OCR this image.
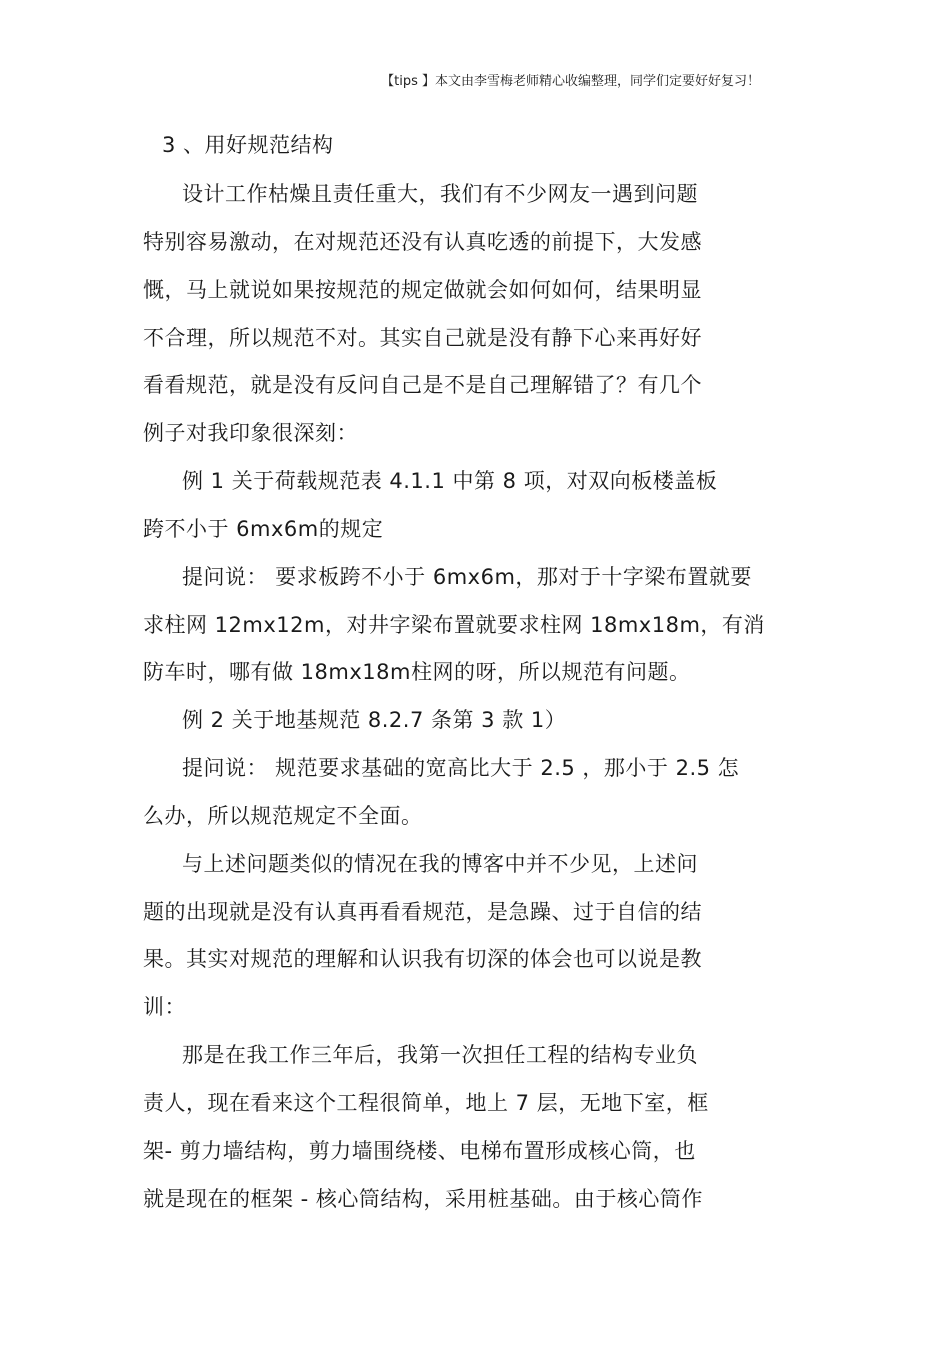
【tips 】本文由李雪梅老师精心收编整理，同学们定要好好复习！
3 、用好规范结构
设计工作枯燥且责任重大，我们有不少网友一遇到问题
特别容易激动，在对规范还没有认真吃透的前提下，大发感
慨，马上就说如果按规范的规定做就会如何如何，结果明显
不合理，所以规范不对。其实自己就是没有静下心来再好好
看看规范，就是没有反问自己是不是自己理解错了？有几个
例子对我印象很深刻：
例 1 关于荷载规范表 4.1.1 中第 8 项，对双向板楼盖板
跨不小于 6mx6m的规定
提问说： 要求板跨不小于 6mx6m，那对于十字梁布置就要
求柱网 12mx12m，对井字梁布置就要求柱网 18mx18m，有消
防车时，哪有做 18mx18m柱网的呀，所以规范有问题。
例 2 关于地基规范 8.2.7 条第 3 款 1）
提问说： 规范要求基础的宽高比大于 2.5 ，那小于 2.5 怎
么办，所以规范规定不全面。
与上述问题类似的情况在我的博客中并不少见，上述问
题的出现就是没有认真再看看规范，是急躁、过于自信的结
果。其实对规范的理解和认识我有切深的体会也可以说是教
训：
那是在我工作三年后，我第一次担任工程的结构专业负
责人，现在看来这个工程很简单，地上 7 层，无地下室，框
架- 剪力墙结构，剪力墙围绕楼、电梯布置形成核心筒，也
就是现在的框架 - 核心筒结构，采用桩基础。由于核心筒作
